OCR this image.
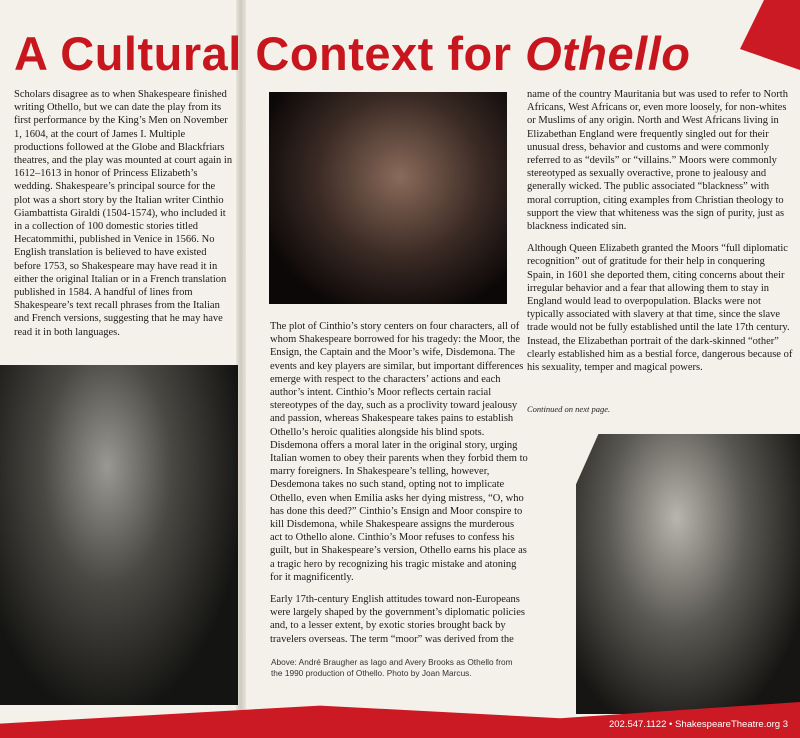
A Cultural Context for Othello

Scholars disagree as to when Shakespeare finished writing Othello, but we can date the play from its first performance by the King’s Men on November 1, 1604, at the court of James I. Multiple productions followed at the Globe and Blackfriars theatres, and the play was mounted at court again in 1612–1613 in honor of Princess Elizabeth’s wedding. Shakespeare’s principal source for the plot was a short story by the Italian writer Cinthio Giambattista Giraldi (1504-1574), who included it in a collection of 100 domestic stories titled Hecatommithi, published in Venice in 1566. No English translation is believed to have existed before 1753, so Shakespeare may have read it in either the original Italian or in a French translation published in 1584. A handful of lines from Shakespeare’s text recall phrases from the Italian and French versions, suggesting that he may have read it in both languages.

The plot of Cinthio’s story centers on four characters, all of whom Shakespeare borrowed for his tragedy: the Moor, the Ensign, the Captain and the Moor’s wife, Disdemona. The events and key players are similar, but important differences emerge with respect to the characters’ actions and each author’s intent. Cinthio’s Moor reflects certain racial stereotypes of the day, such as a proclivity toward jealousy and passion, whereas Shakespeare takes pains to establish Othello’s heroic qualities alongside his blind spots. Disdemona offers a moral later in the original story, urging Italian women to obey their parents when they forbid them to marry foreigners. In Shakespeare’s telling, however, Desdemona takes no such stand, opting not to implicate Othello, even when Emilia asks her dying mistress, “O, who has done this deed?” Cinthio’s Ensign and Moor conspire to kill Disdemona, while Shakespeare assigns the murderous act to Othello alone. Cinthio’s Moor refuses to confess his guilt, but in Shakespeare’s version, Othello earns his place as a tragic hero by recognizing his tragic mistake and atoning for it magnificently.

Early 17th-century English attitudes toward non-Europeans were largely shaped by the government’s diplomatic policies and, to a lesser extent, by exotic stories brought back by travelers overseas. The term “moor” was derived from the

name of the country Mauritania but was used to refer to North Africans, West Africans or, even more loosely, for non-whites or Muslims of any origin. North and West Africans living in Elizabethan England were frequently singled out for their unusual dress, behavior and customs and were commonly referred to as “devils” or “villains.” Moors were commonly stereotyped as sexually overactive, prone to jealousy and generally wicked. The public associated “blackness” with moral corruption, citing examples from Christian theology to support the view that whiteness was the sign of purity, just as blackness indicated sin.

Although Queen Elizabeth granted the Moors “full diplomatic recognition” out of gratitude for their help in conquering Spain, in 1601 she deported them, citing concerns about their irregular behavior and a fear that allowing them to stay in England would lead to overpopulation. Blacks were not typically associated with slavery at that time, since the slave trade would not be fully established until the late 17th century. Instead, the Elizabethan portrait of the dark-skinned “other” clearly established him as a bestial force, dangerous because of his sexuality, temper and magical powers.

Continued on next page.
Above: André Braugher as Iago and Avery Brooks as Othello from the 1990 production of Othello. Photo by Joan Marcus.
202.547.1122 • ShakespeareTheatre.org 3
